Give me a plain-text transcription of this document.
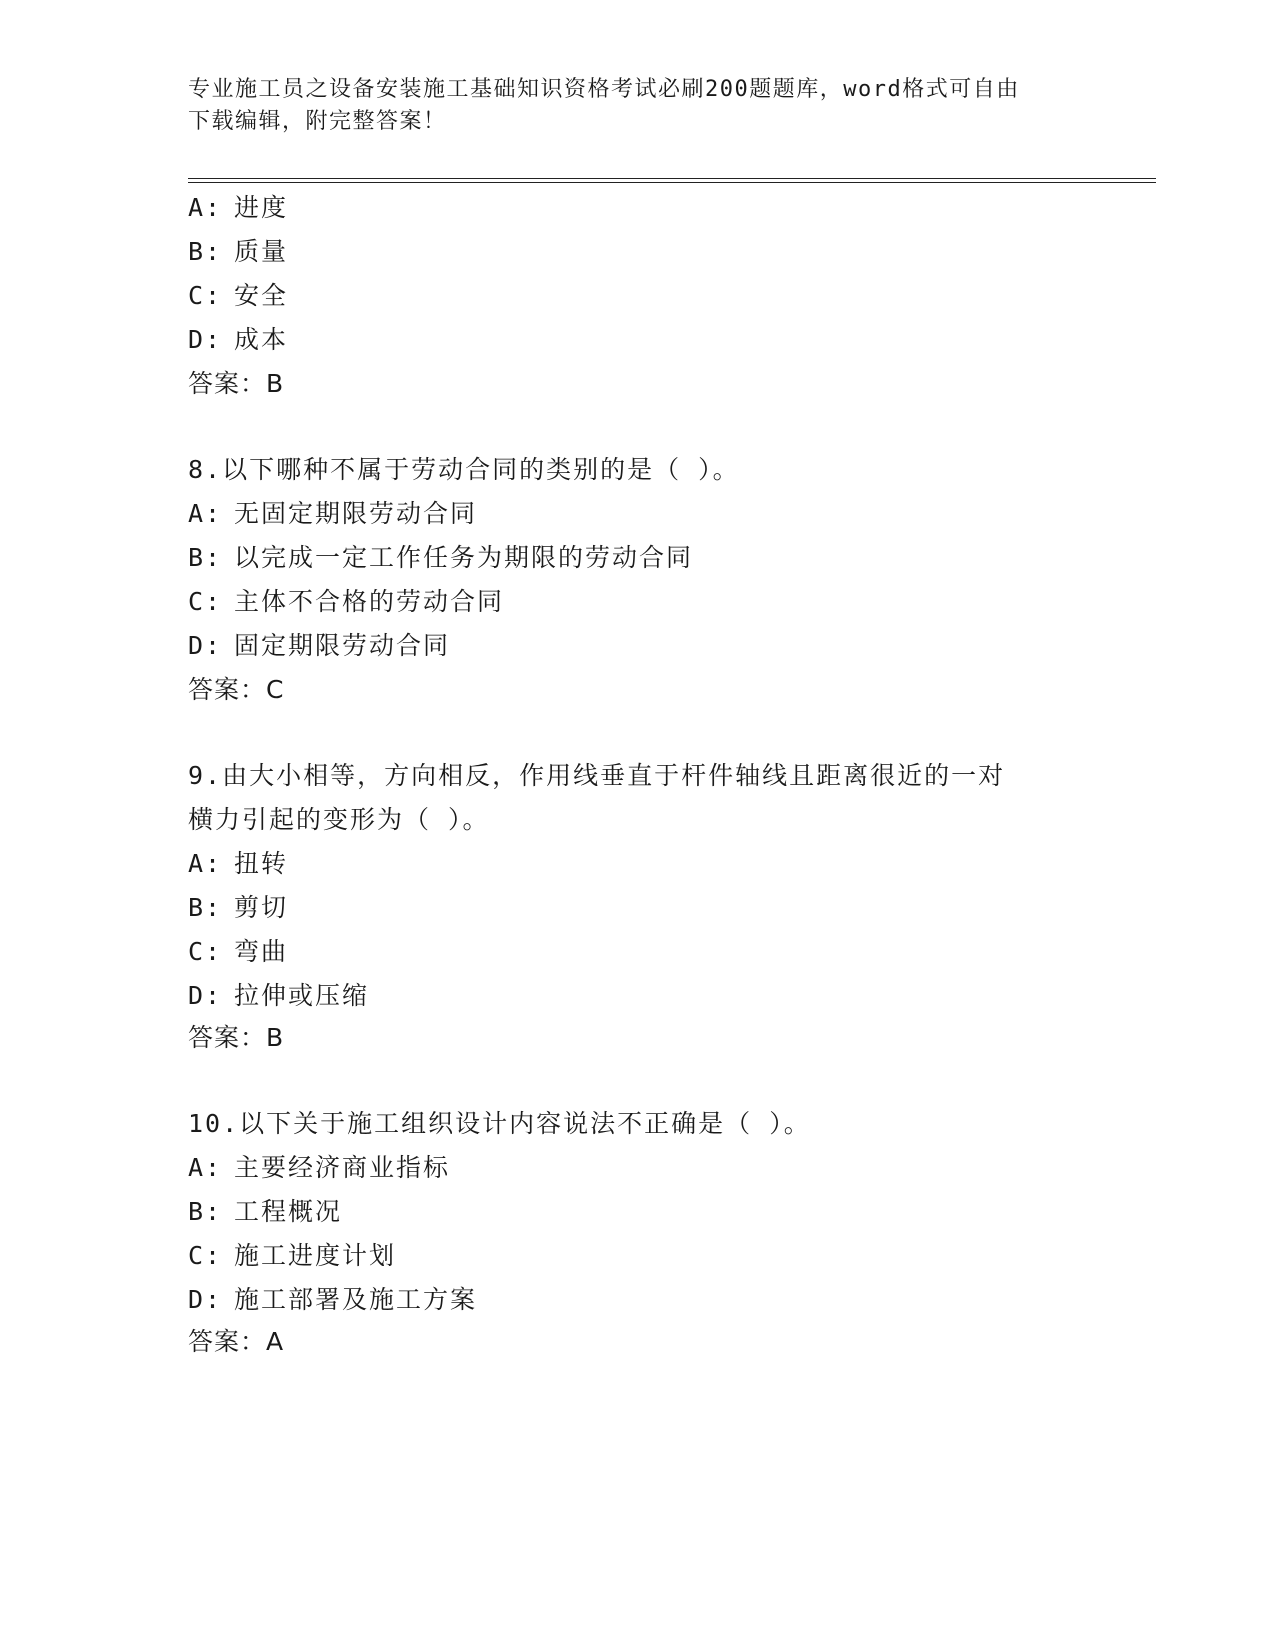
专业施工员之设备安装施工基础知识资格考试必刷200题题库，word格式可自由
下载编辑，附完整答案！
A: 进度
B: 质量
C: 安全
D: 成本
答案：B
8.以下哪种不属于劳动合同的类别的是（ ）。
A: 无固定期限劳动合同
B: 以完成一定工作任务为期限的劳动合同
C: 主体不合格的劳动合同
D: 固定期限劳动合同
答案：C
9.由大小相等，方向相反，作用线垂直于杆件轴线且距离很近的一对
横力引起的变形为（ ）。
A: 扭转
B: 剪切
C: 弯曲
D: 拉伸或压缩
答案：B
10.以下关于施工组织设计内容说法不正确是（ ）。
A: 主要经济商业指标
B: 工程概况
C: 施工进度计划
D: 施工部署及施工方案
答案：A
